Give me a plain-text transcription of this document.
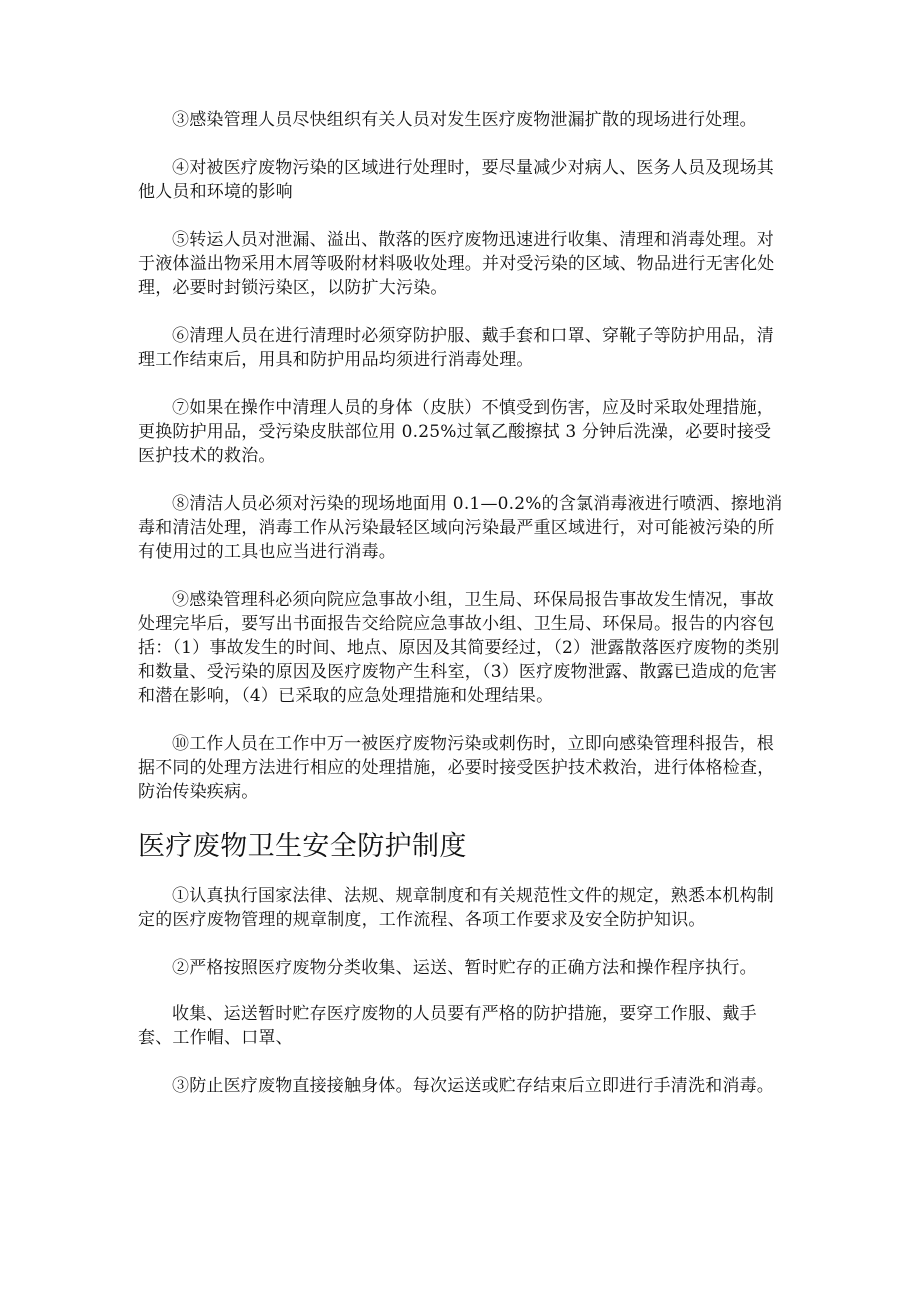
③感染管理人员尽快组织有关人员对发生医疗废物泄漏扩散的现场进行处理。

④对被医疗废物污染的区域进行处理时，要尽量减少对病人、医务人员及现场其他人员和环境的影响

⑤转运人员对泄漏、溢出、散落的医疗废物迅速进行收集、清理和消毒处理。对于液体溢出物采用木屑等吸附材料吸收处理。并对受污染的区域、物品进行无害化处理，必要时封锁污染区，以防扩大污染。

⑥清理人员在进行清理时必须穿防护服、戴手套和口罩、穿靴子等防护用品，清理工作结束后，用具和防护用品均须进行消毒处理。

⑦如果在操作中清理人员的身体（皮肤）不慎受到伤害，应及时采取处理措施，更换防护用品，受污染皮肤部位用 0.25%过氧乙酸擦拭 3 分钟后洗澡，必要时接受医护技术的救治。

⑧清洁人员必须对污染的现场地面用 0.1—0.2%的含氯消毒液进行喷洒、擦地消毒和清洁处理，消毒工作从污染最轻区域向污染最严重区域进行，对可能被污染的所有使用过的工具也应当进行消毒。

⑨感染管理科必须向院应急事故小组，卫生局、环保局报告事故发生情况，事故处理完毕后，要写出书面报告交给院应急事故小组、卫生局、环保局。报告的内容包括：（1）事故发生的时间、地点、原因及其简要经过，（2）泄露散落医疗废物的类别和数量、受污染的原因及医疗废物产生科室，（3）医疗废物泄露、散露已造成的危害和潜在影响，（4）已采取的应急处理措施和处理结果。

⑩工作人员在工作中万一被医疗废物污染或刺伤时，立即向感染管理科报告，根据不同的处理方法进行相应的处理措施，必要时接受医护技术救治，进行体格检查，防治传染疾病。

医疗废物卫生安全防护制度

①认真执行国家法律、法规、规章制度和有关规范性文件的规定，熟悉本机构制定的医疗废物管理的规章制度，工作流程、各项工作要求及安全防护知识。

②严格按照医疗废物分类收集、运送、暂时贮存的正确方法和操作程序执行。

收集、运送暂时贮存医疗废物的人员要有严格的防护措施，要穿工作服、戴手套、工作帽、口罩、

③防止医疗废物直接接触身体。每次运送或贮存结束后立即进行手清洗和消毒。
